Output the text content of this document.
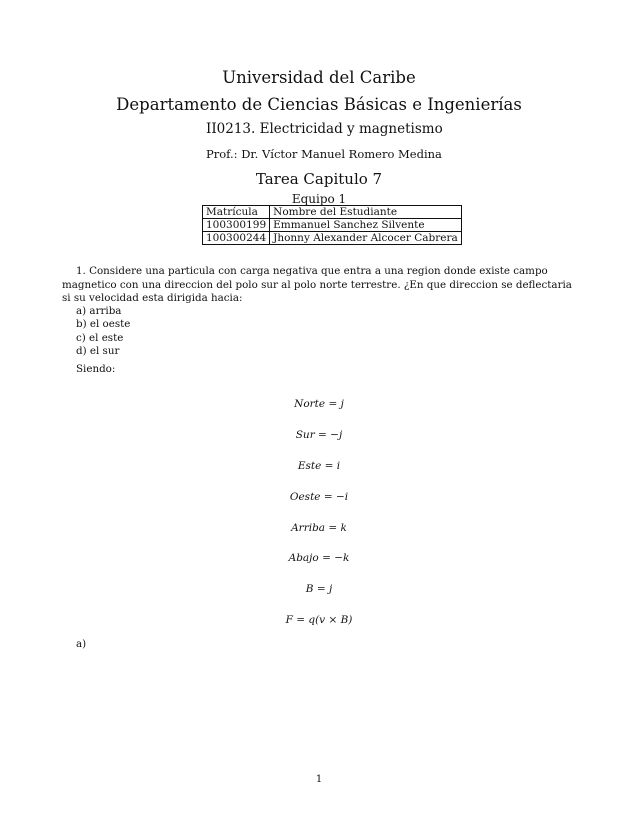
Universidad del Caribe
Departamento de Ciencias Básicas e Ingenierías
II0213. Electricidad y magnetismo
Prof.: Dr. Víctor Manuel Romero Medina
Tarea Capitulo 7
Equipo 1
Matrícula	Nombre del Estudiante
100300199	Emmanuel Sanchez Silvente
100300244	Jhonny Alexander Alcocer Cabrera
1. Considere una particula con carga negativa que entra a una region donde existe campo magnetico con una direccion del polo sur al polo norte terrestre. ¿En que direccion se deflectaria si su velocidad esta dirigida hacia:
a) arriba
b) el oeste
c) el este
d) el sur
Siendo:
Norte = j
Sur = −j
Este = i
Oeste = −i
Arriba = k
Abajo = −k
B = j
F = q(v × B)
a)
1
